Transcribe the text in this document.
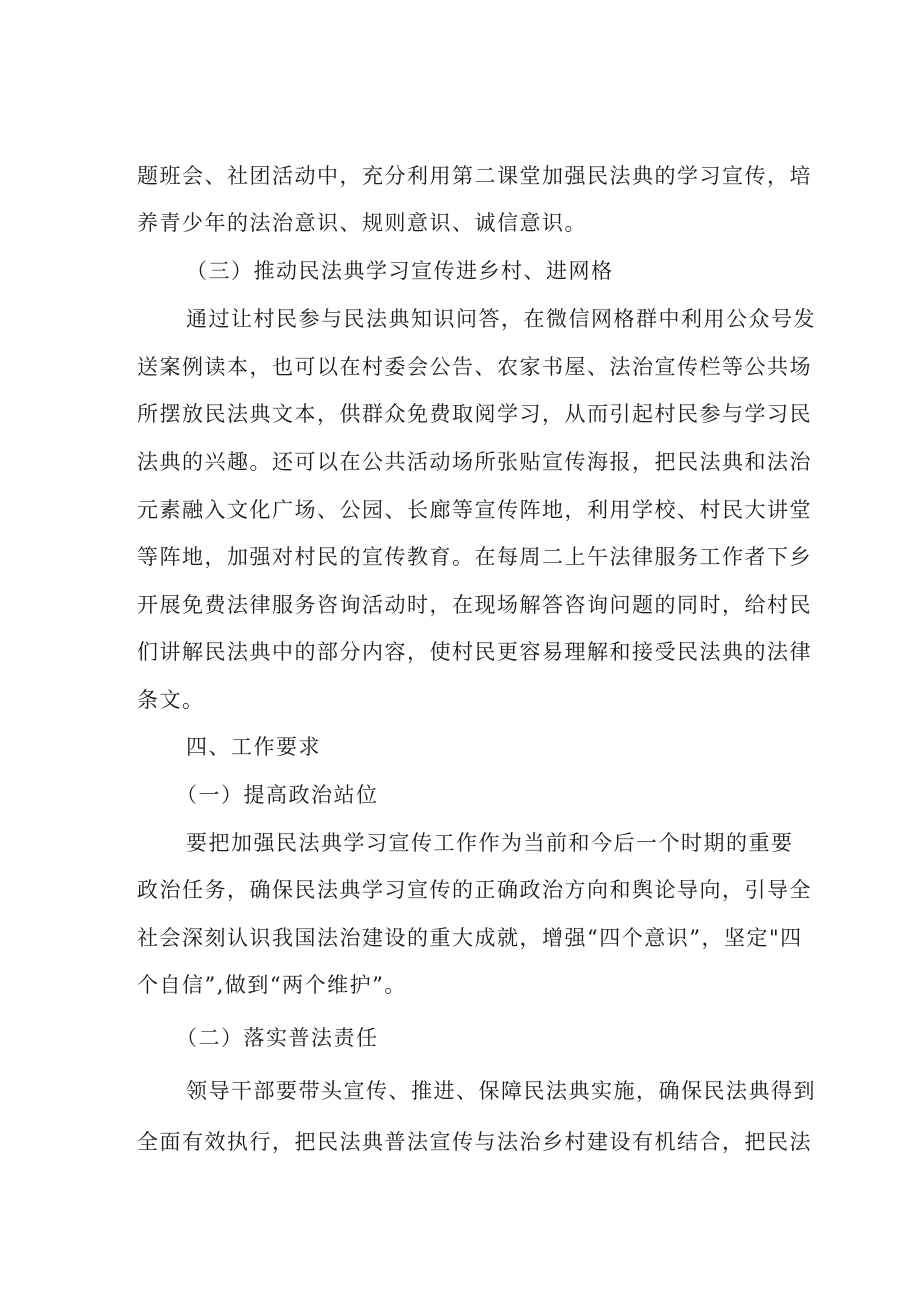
题班会、社团活动中，充分利用第二课堂加强民法典的学习宣传，培
养青少年的法治意识、规则意识、诚信意识。
（三）推动民法典学习宣传进乡村、进网格
通过让村民参与民法典知识问答，在微信网格群中利用公众号发
送案例读本，也可以在村委会公告、农家书屋、法治宣传栏等公共场
所摆放民法典文本，供群众免费取阅学习，从而引起村民参与学习民
法典的兴趣。还可以在公共活动场所张贴宣传海报，把民法典和法治
元素融入文化广场、公园、长廊等宣传阵地，利用学校、村民大讲堂
等阵地，加强对村民的宣传教育。在每周二上午法律服务工作者下乡
开展免费法律服务咨询活动时，在现场解答咨询问题的同时，给村民
们讲解民法典中的部分内容，使村民更容易理解和接受民法典的法律
条文。
四、工作要求
（一）提高政治站位
要把加强民法典学习宣传工作作为当前和今后一个时期的重要
政治任务，确保民法典学习宣传的正确政治方向和舆论导向，引导全
社会深刻认识我国法治建设的重大成就，增强“四个意识”，坚定"四
个自信”,做到“两个维护”。
（二）落实普法责任
领导干部要带头宣传、推进、保障民法典实施，确保民法典得到
全面有效执行，把民法典普法宣传与法治乡村建设有机结合，把民法
